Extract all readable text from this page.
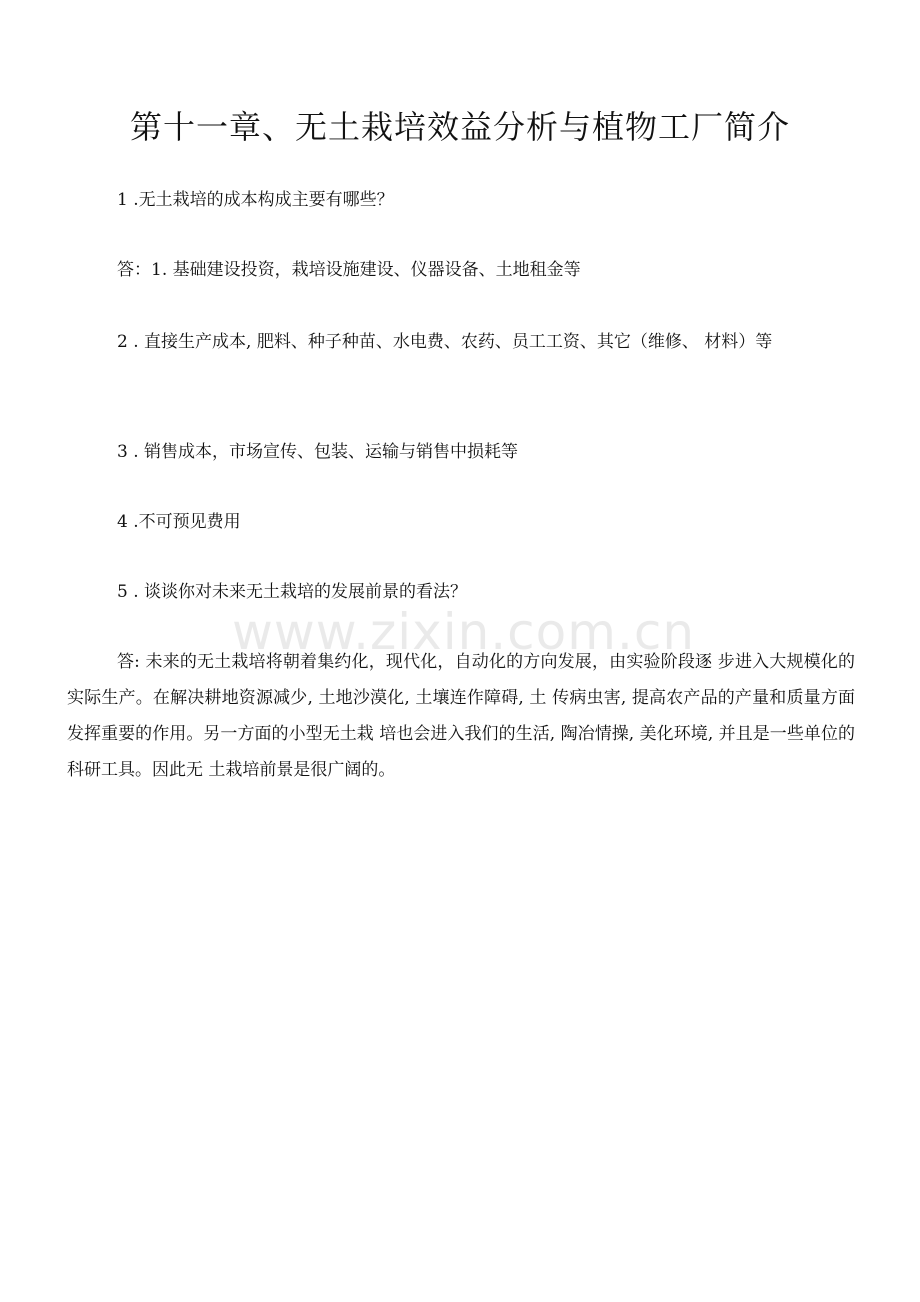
第十一章、无土栽培效益分析与植物工厂简介
1 .无土栽培的成本构成主要有哪些？
答：1. 基础建设投资，栽培设施建设、仪器设备、土地租金等
2 . 直接生产成本, 肥料、种子种苗、水电费、农药、员工工资、其它（维修、 材料）等
3 . 销售成本，市场宣传、包装、运输与销售中损耗等
4 .不可预见费用
5 . 谈谈你对未来无土栽培的发展前景的看法？
答: 未来的无土栽培将朝着集约化，现代化，自动化的方向发展，由实验阶段逐 步进入大规模化的实际生产。在解决耕地资源减少, 土地沙漠化, 土壤连作障碍, 土 传病虫害, 提高农产品的产量和质量方面发挥重要的作用。另一方面的小型无土栽 培也会进入我们的生活, 陶冶情操, 美化环境, 并且是一些单位的科研工具。因此无 土栽培前景是很广阔的。
www.zixin.com.cn
